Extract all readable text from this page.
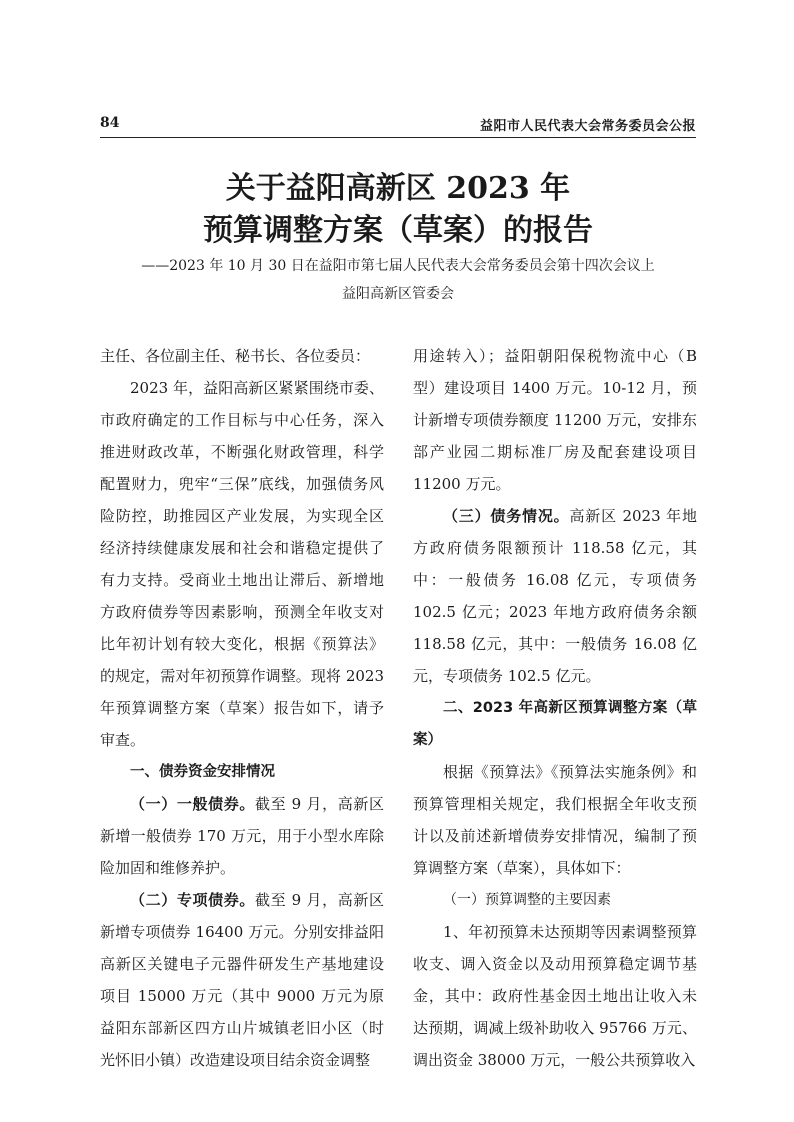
84	益阳市人民代表大会常务委员会公报
关于益阳高新区 2023 年
预算调整方案（草案）的报告
——2023 年 10 月 30 日在益阳市第七届人民代表大会常务委员会第十四次会议上
益阳高新区管委会

主任、各位副主任、秘书长、各位委员：

2023 年，益阳高新区紧紧围绕市委、市政府确定的工作目标与中心任务，深入推进财政改革，不断强化财政管理，科学配置财力，兜牢“三保”底线，加强债务风险防控，助推园区产业发展，为实现全区经济持续健康发展和社会和谐稳定提供了有力支持。受商业土地出让滞后、新增地方政府债券等因素影响，预测全年收支对比年初计划有较大变化，根据《预算法》的规定，需对年初预算作调整。现将 2023 年预算调整方案（草案）报告如下，请予审查。

一、债券资金安排情况

（一）一般债券。截至 9 月，高新区新增一般债券 170 万元，用于小型水库除险加固和维修养护。

（二）专项债券。截至 9 月，高新区新增专项债券 16400 万元。分别安排益阳高新区关键电子元器件研发生产基地建设项目 15000 万元（其中 9000 万元为原益阳东部新区四方山片城镇老旧小区（时光怀旧小镇）改造建设项目结余资金调整

用途转入）；益阳朝阳保税物流中心（B 型）建设项目 1400 万元。10-12 月，预计新增专项债券额度 11200 万元，安排东部产业园二期标准厂房及配套建设项目 11200 万元。

（三）债务情况。高新区 2023 年地方政府债务限额预计 118.58 亿元，其中：一般债务 16.08 亿元，专项债务 102.5 亿元；2023 年地方政府债务余额 118.58 亿元，其中：一般债务 16.08 亿元，专项债务 102.5 亿元。

二、2023 年高新区预算调整方案（草案）

根据《预算法》《预算法实施条例》和预算管理相关规定，我们根据全年收支预计以及前述新增债券安排情况，编制了预算调整方案（草案），具体如下：

（一）预算调整的主要因素

1、年初预算未达预期等因素调整预算收支、调入资金以及动用预算稳定调节基金，其中：政府性基金因土地出让收入未达预期，调减上级补助收入 95766 万元、调出资金 38000 万元，一般公共预算收入
